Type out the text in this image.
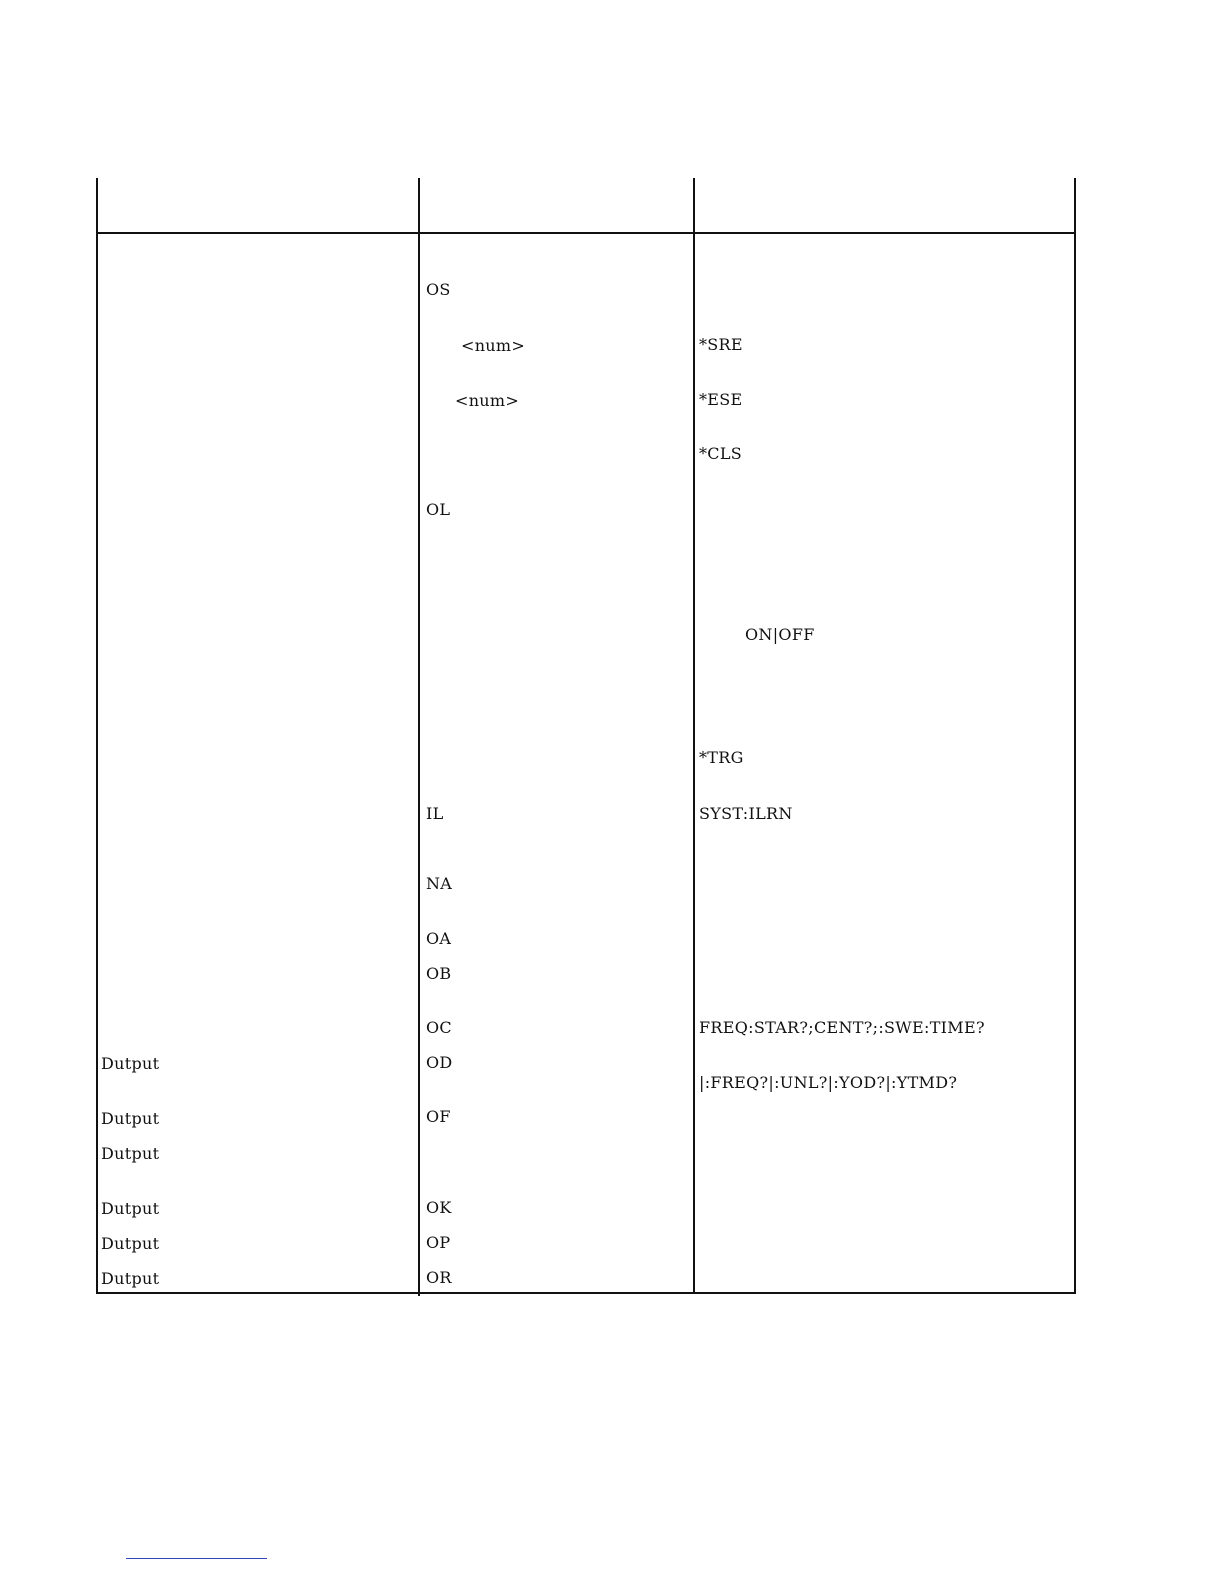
Dutput
Dutput
Dutput
Dutput
Dutput
Dutput
OS
<num>
<num>
OL
IL
NA
OA
OB
OC
OD
OF
OK
OP
OR
*SRE
*ESE
*CLS
ON|OFF
*TRG
SYST:ILRN
FREQ:STAR?;CENT?;:SWE:TIME?
|:FREQ?|:UNL?|:YOD?|:YTMD?
